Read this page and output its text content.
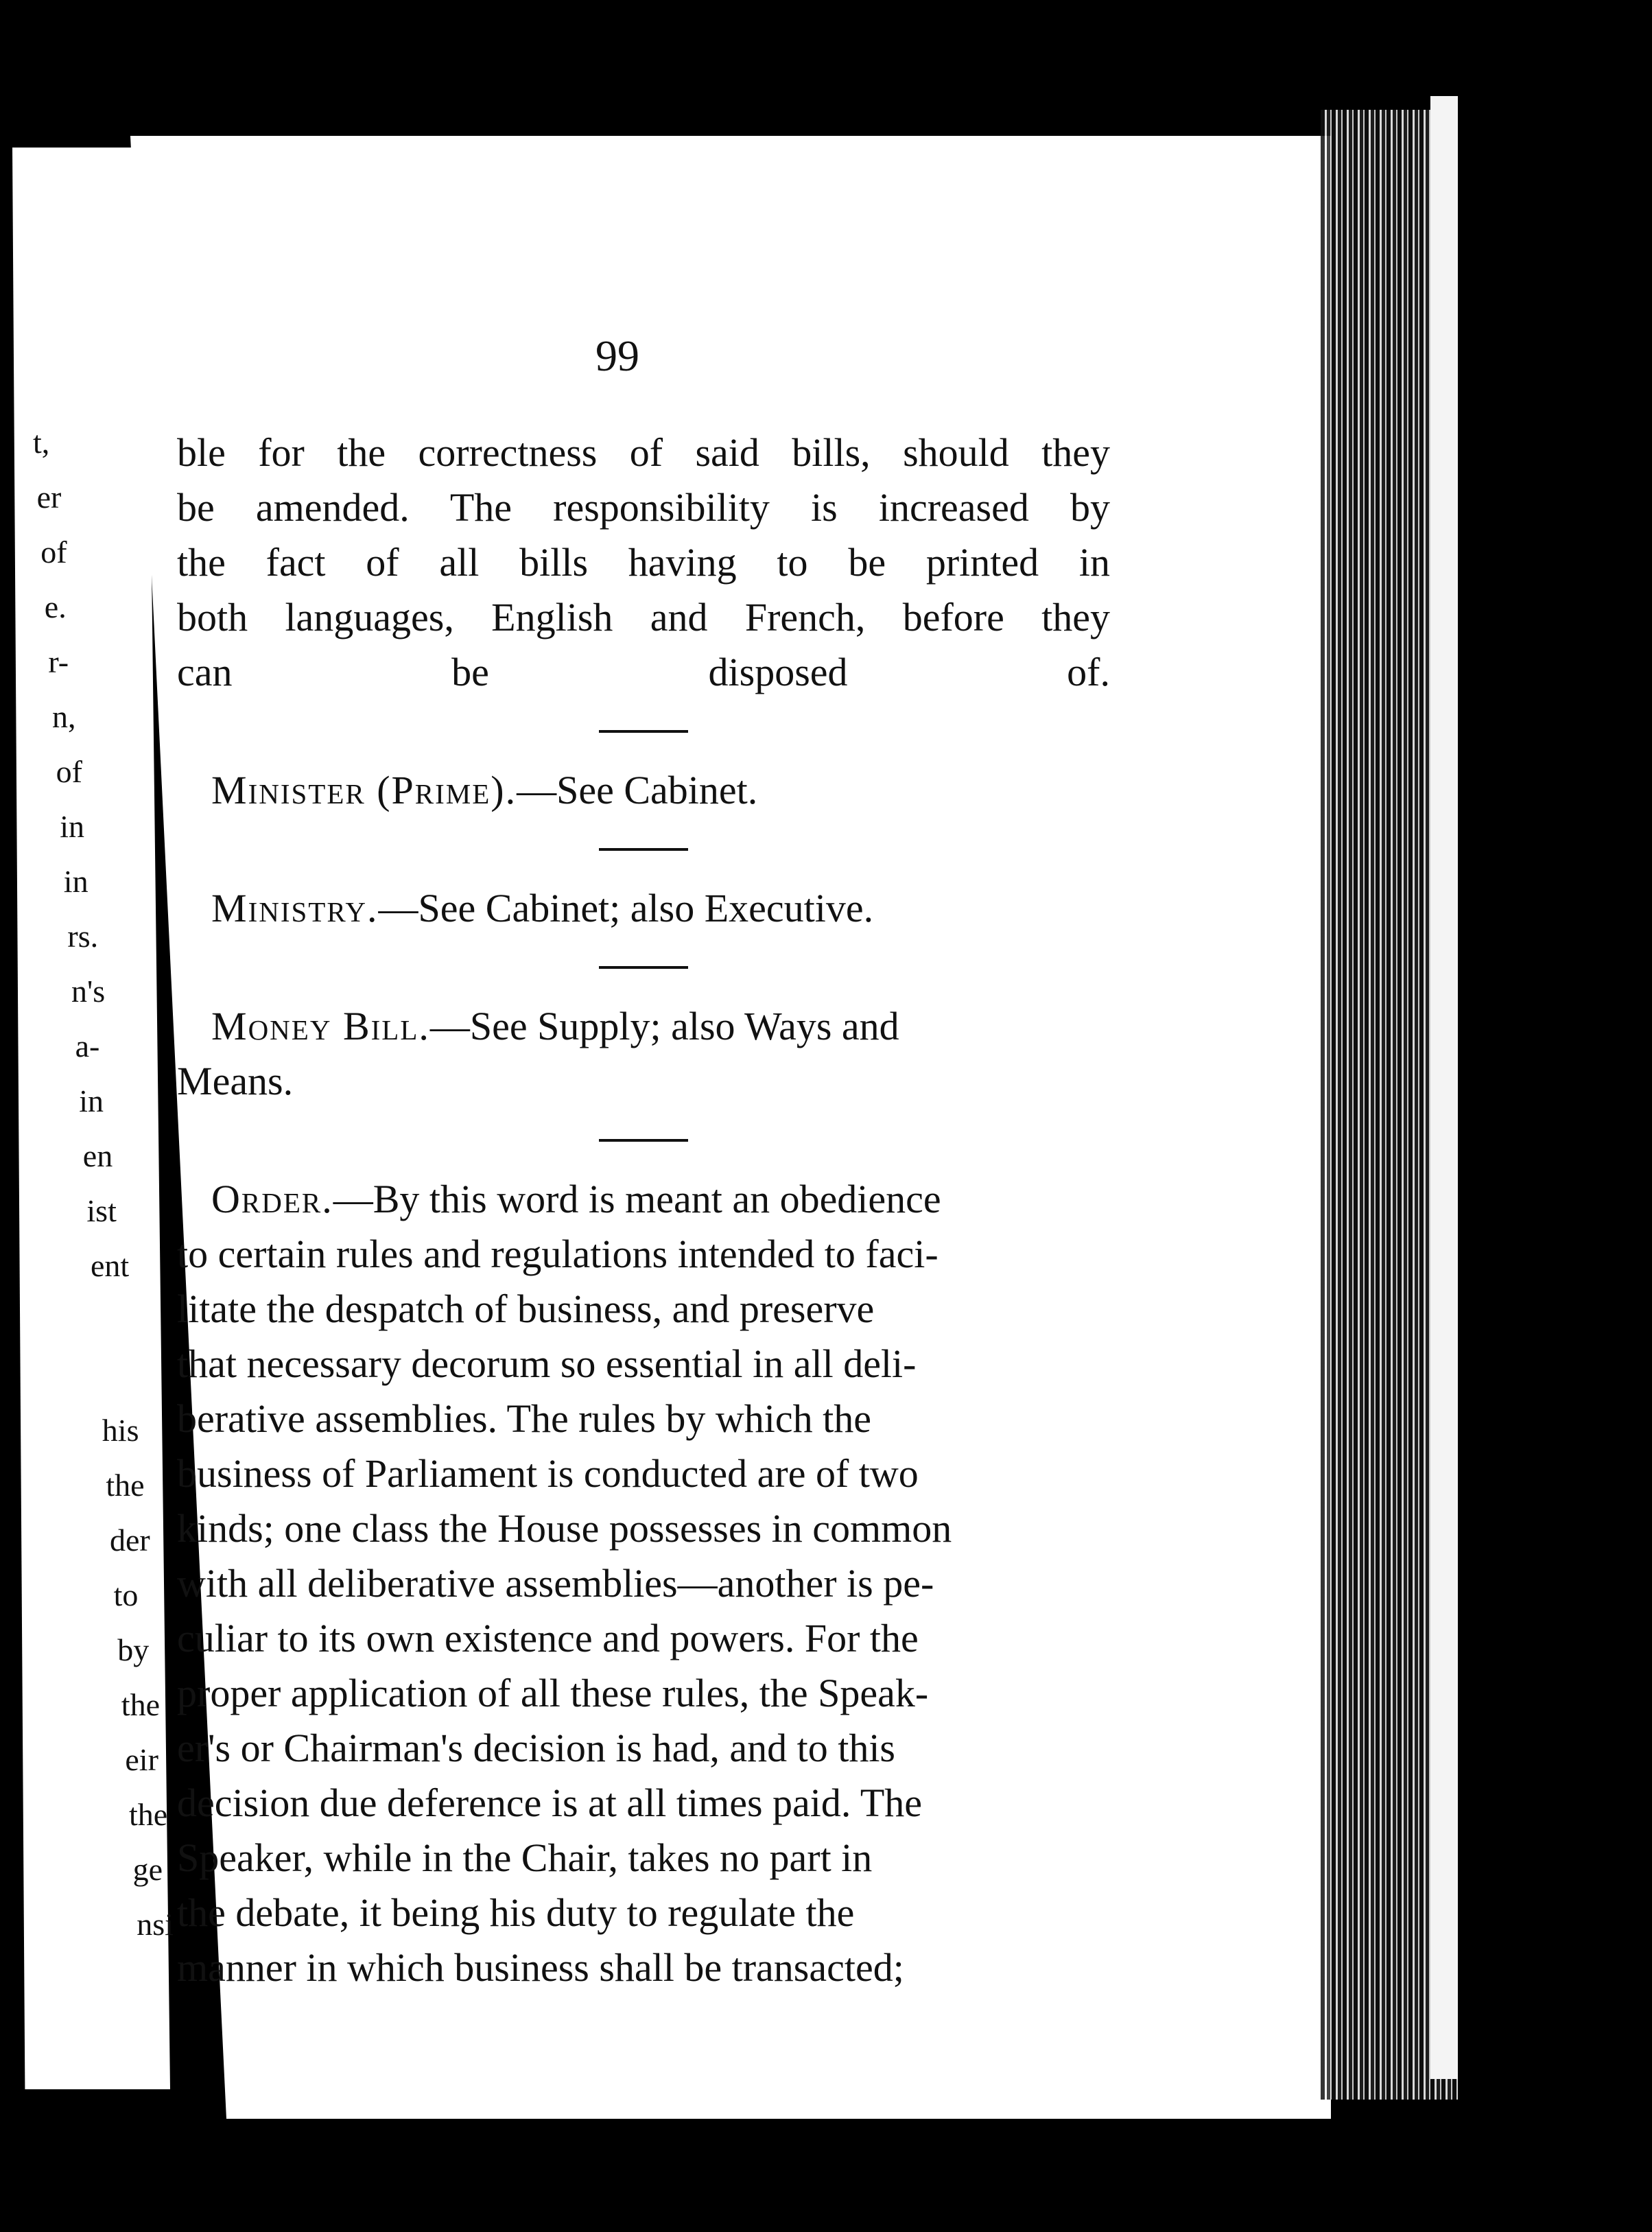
t,
er
of
e.
r-
n,
of
in
in
rs.
n's
a-
in
en
ist
ent
his
the
der
to
by
the
eir
the
ge
nsi
99

ble for the correctness of said bills, should they
be amended. The responsibility is increased by
the fact of all bills having to be printed in
both languages, English and French, before they
can be disposed of.

Minister (Prime).—See Cabinet.

Ministry.—See Cabinet; also Executive.

Money Bill.—See Supply; also Ways and

Means.

Order.—By this word is meant an obedience
to certain rules and regulations intended to faci-
litate the despatch of business, and preserve
that necessary decorum so essential in all deli-
berative assemblies. The rules by which the
business of Parliament is conducted are of two
kinds; one class the House possesses in common
with all deliberative assemblies—another is pe-
culiar to its own existence and powers. For the
proper application of all these rules, the Speak-
er's or Chairman's decision is had, and to this
decision due deference is at all times paid. The
Speaker, while in the Chair, takes no part in
the debate, it being his duty to regulate the
manner in which business shall be transacted;
